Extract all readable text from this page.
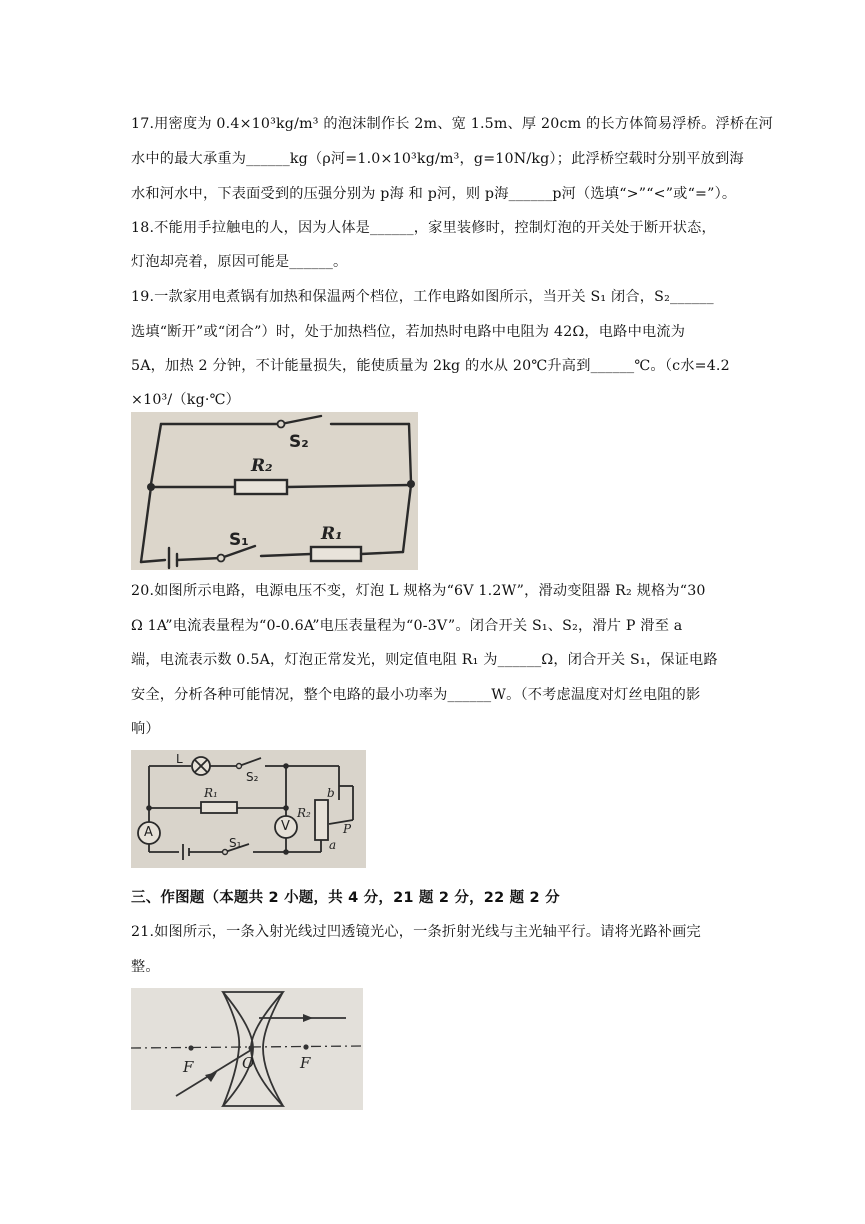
17.用密度为 0.4×10³kg/m³ 的泡沫制作长 2m、宽 1.5m、厚 20cm 的长方体简易浮桥。浮桥在河
水中的最大承重为______kg（ρ河=1.0×10³kg/m³，g=10N/kg）；此浮桥空载时分别平放到海
水和河水中，下表面受到的压强分别为 p海 和 p河，则 p海______p河（选填“>”“<”或“=”）。
18.不能用手拉触电的人，因为人体是______，家里装修时，控制灯泡的开关处于断开状态，
灯泡却亮着，原因可能是______。
19.一款家用电煮锅有加热和保温两个档位，工作电路如图所示，当开关 S₁ 闭合，S₂______
选填“断开”或“闭合”）时，处于加热档位，若加热时电路中电阻为 42Ω，电路中电流为
5A，加热 2 分钟，不计能量损失，能使质量为 2kg 的水从 20℃升高到______℃。（c水=4.2
×10³/（kg·℃）
S₂
R₂
S₁	R₁
20.如图所示电路，电源电压不变，灯泡 L 规格为“6V 1.2W”，滑动变阻器 R₂ 规格为“30
Ω 1A”电流表量程为“0-0.6A”电压表量程为“0-3V”。闭合开关 S₁、S₂，滑片 P 滑至 a
端，电流表示数 0.5A，灯泡正常发光，则定值电阻 R₁ 为______Ω，闭合开关 S₁，保证电路
安全，分析各种可能情况，整个电路的最小功率为______W。（不考虑温度对灯丝电阻的影
响）
L
S₂
R₁
A	V
R₂
b
P
a
S₁
三、作图题（本题共 2 小题，共 4 分，21 题 2 分，22 题 2 分
21.如图所示，一条入射光线过凹透镜光心，一条折射光线与主光轴平行。请将光路补画完
整。
F	O	F
